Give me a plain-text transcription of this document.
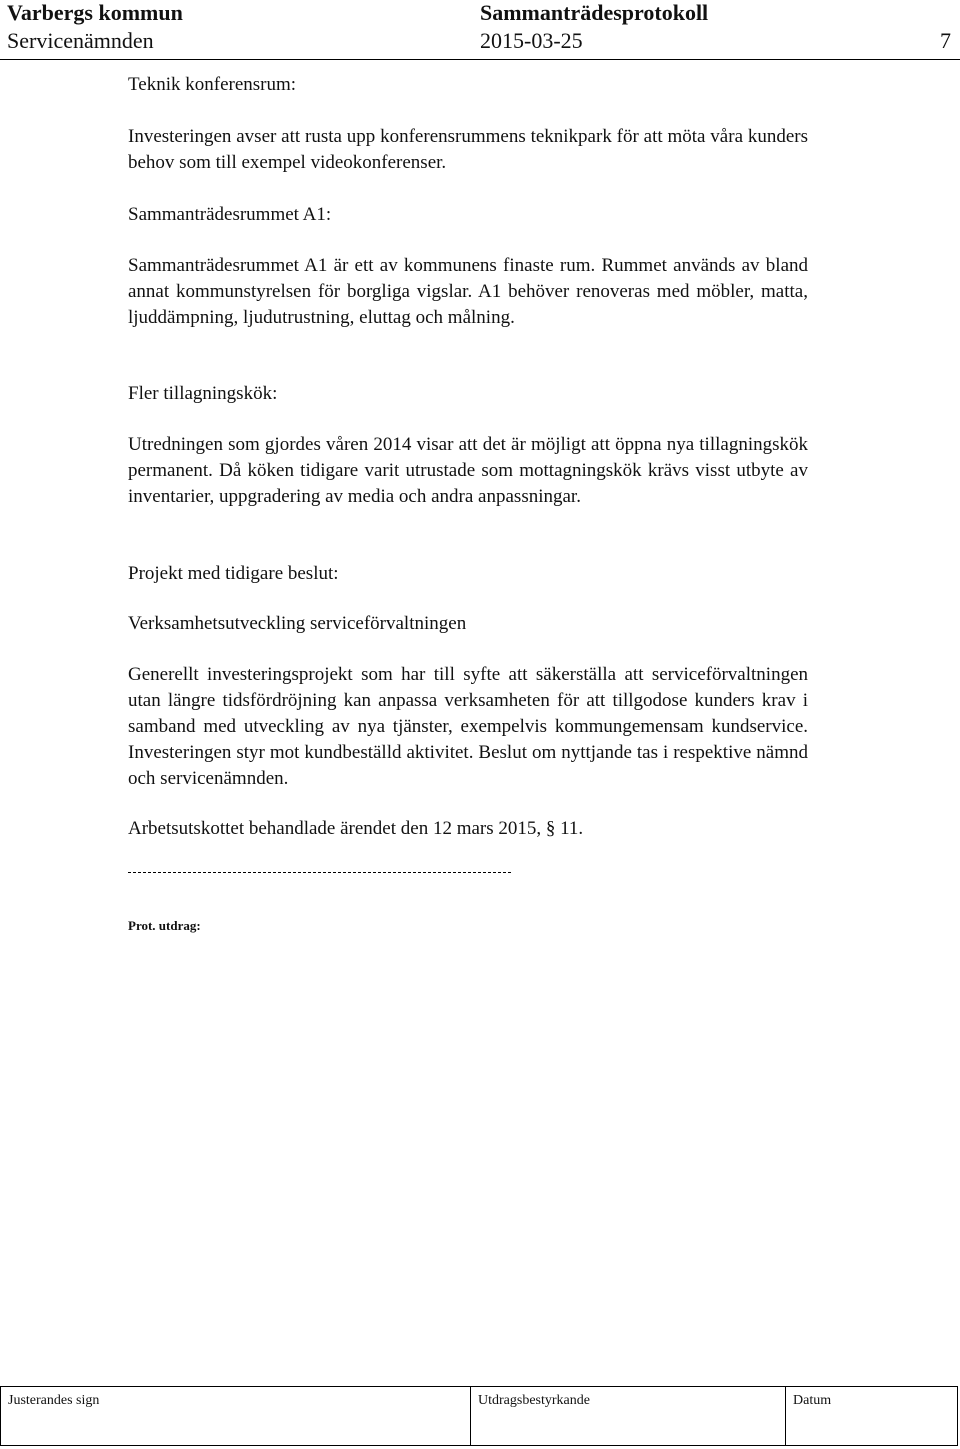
Varbergs kommun	Sammanträdesprotokoll
Servicenämnden	2015-03-25	7
Teknik konferensrum:

Investeringen avser att rusta upp konferensrummens teknikpark för att möta våra kunders behov som till exempel videokonferenser.

Sammanträdesrummet A1:

Sammanträdesrummet A1 är ett av kommunens finaste rum. Rummet används av bland annat kommunstyrelsen för borgliga vigslar. A1 behöver renoveras med möbler, matta, ljuddämpning, ljudutrustning, eluttag och målning.

Fler tillagningskök:

Utredningen som gjordes våren 2014 visar att det är möjligt att öppna nya tillagningskök permanent. Då köken tidigare varit utrustade som mottagningskök krävs visst utbyte av inventarier, uppgradering av media och andra anpassningar.

Projekt med tidigare beslut:
Verksamhetsutveckling serviceförvaltningen

Generellt investeringsprojekt som har till syfte att säkerställa att serviceförvaltningen utan längre tidsfördröjning kan anpassa verksamheten för att tillgodose kunders krav i samband med utveckling av nya tjänster, exempelvis kommungemensam kundservice. Investeringen styr mot kundbeställd aktivitet. Beslut om nyttjande tas i respektive nämnd och servicenämnden.

Arbetsutskottet behandlade ärendet den 12 mars 2015, § 11.
Prot. utdrag:
Justerandes sign	Utdragsbestyrkande	Datum
